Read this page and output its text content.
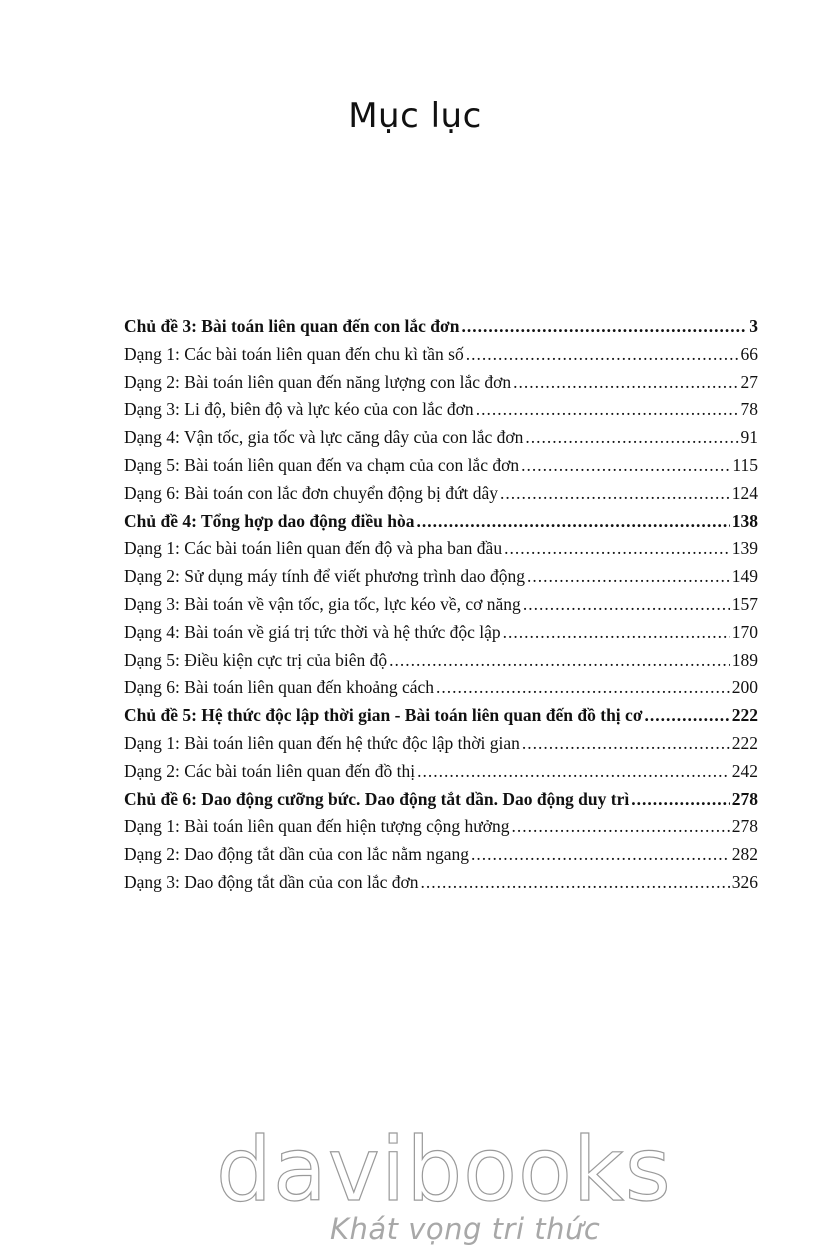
Mục lục
Chủ đề 3: Bài toán liên quan đến con lắc đơn .....	3
Dạng 1: Các bài toán liên quan đến chu kì tần số .....	66
Dạng 2: Bài toán liên quan đến năng lượng con lắc đơn .....	27
Dạng 3: Li độ, biên độ và lực kéo của con lắc đơn .....	78
Dạng 4: Vận tốc, gia tốc và lực căng dây của con lắc đơn .....	91
Dạng 5: Bài toán liên quan đến va chạm của con lắc đơn .....	115
Dạng 6: Bài toán con lắc đơn chuyển động bị đứt dây .....	124
Chủ đề 4: Tổng hợp dao động điều hòa .....	138
Dạng 1: Các bài toán liên quan đến độ và pha ban đầu .....	139
Dạng 2: Sử dụng máy tính để viết phương trình dao động .....	149
Dạng 3: Bài toán về vận tốc, gia tốc, lực kéo về, cơ năng .....	157
Dạng 4: Bài toán về giá trị tức thời và hệ thức độc lập .....	170
Dạng 5: Điều kiện cực trị của biên độ .....	189
Dạng 6: Bài toán liên quan đến khoảng cách .....	200
Chủ đề 5: Hệ thức độc lập thời gian - Bài toán liên quan đến đồ thị cơ .....	222
Dạng 1: Bài toán liên quan đến hệ thức độc lập thời gian .....	222
Dạng 2: Các bài toán liên quan đến đồ thị .....	242
Chủ đề 6: Dao động cưỡng bức. Dao động tắt dần. Dao động duy trì .....	278
Dạng 1: Bài toán liên quan đến hiện tượng cộng hưởng .....	278
Dạng 2: Dao động tắt dần của con lắc nằm ngang .....	282
Dạng 3: Dao động tắt dần của con lắc đơn .....	326
davibooks
Khát vọng tri thức
